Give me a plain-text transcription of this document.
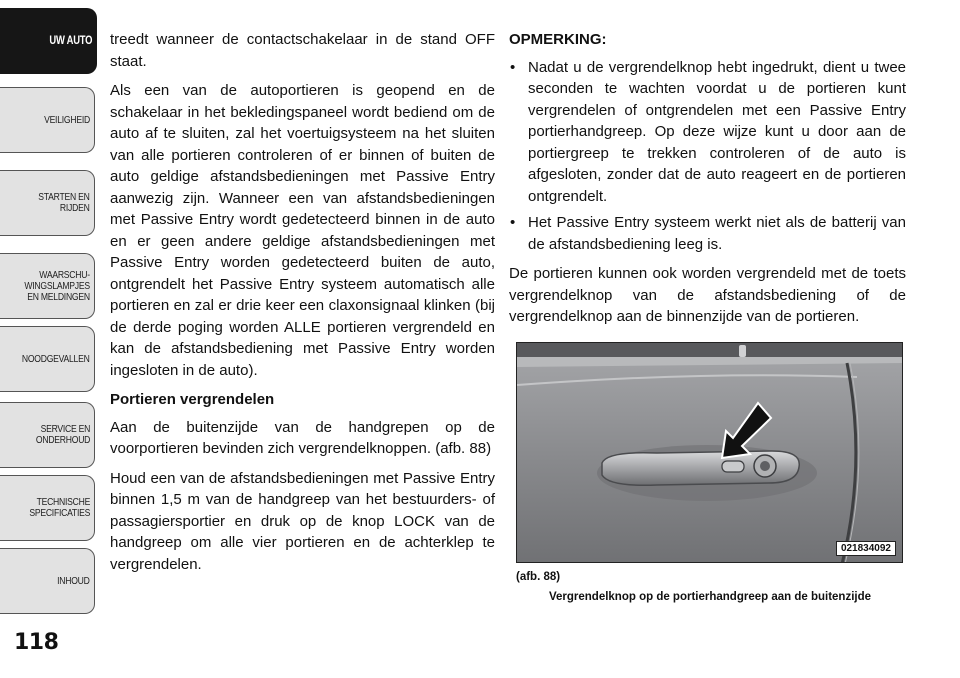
UW AUTO
VEILIGHEID
STARTEN EN
RIJDEN
WAARSCHU-
WINGSLAMPJES
EN MELDINGEN
NOODGEVALLEN
SERVICE EN
ONDERHOUD
TECHNISCHE
SPECIFICATIES
INHOUD
118

treedt wanneer de contactschakelaar in de stand OFF staat.

Als een van de autoportieren is geopend en de schakelaar in het bekledingspaneel wordt bediend om de auto af te sluiten, zal het voertuigsysteem na het sluiten van alle portieren controleren of er binnen of buiten de auto geldige afstandsbedieningen met Passive Entry aanwezig zijn. Wanneer een van afstandsbedieningen met Passive Entry wordt gedetecteerd binnen in de auto en er geen andere geldige afstandsbedieningen met Passive Entry worden gedetecteerd buiten de auto, ontgrendelt het Passive Entry systeem automatisch alle portieren en zal er drie keer een claxonsignaal klinken (bij de derde poging worden ALLE portieren vergrendeld en kan de afstandsbediening met Passive Entry worden ingesloten in de auto).

Portieren vergrendelen

Aan de buitenzijde van de handgrepen op de voorportieren bevinden zich vergrendelknoppen. (afb. 88)

Houd een van de afstandsbedieningen met Passive Entry binnen 1,5 m van de handgreep van het bestuurders- of passagiersportier en druk op de knop LOCK van de handgreep om alle vier portieren en de achterklep te vergrendelen.

OPMERKING:

• Nadat u de vergrendelknop hebt ingedrukt, dient u twee seconden te wachten voordat u de portieren kunt vergrendelen of ontgrendelen met een Passive Entry portierhandgreep. Op deze wijze kunt u door aan de portiergreep te trekken controleren of de auto is afgesloten, zonder dat de auto reageert en de portieren ontgrendelt.
• Het Passive Entry systeem werkt niet als de batterij van de afstandsbediening leeg is.

De portieren kunnen ook worden vergrendeld met de toets vergrendelknop van de afstandsbediening of de vergrendelknop aan de binnenzijde van de portieren.

021834092
(afb. 88)
Vergrendelknop op de portierhandgreep aan de buitenzijde
